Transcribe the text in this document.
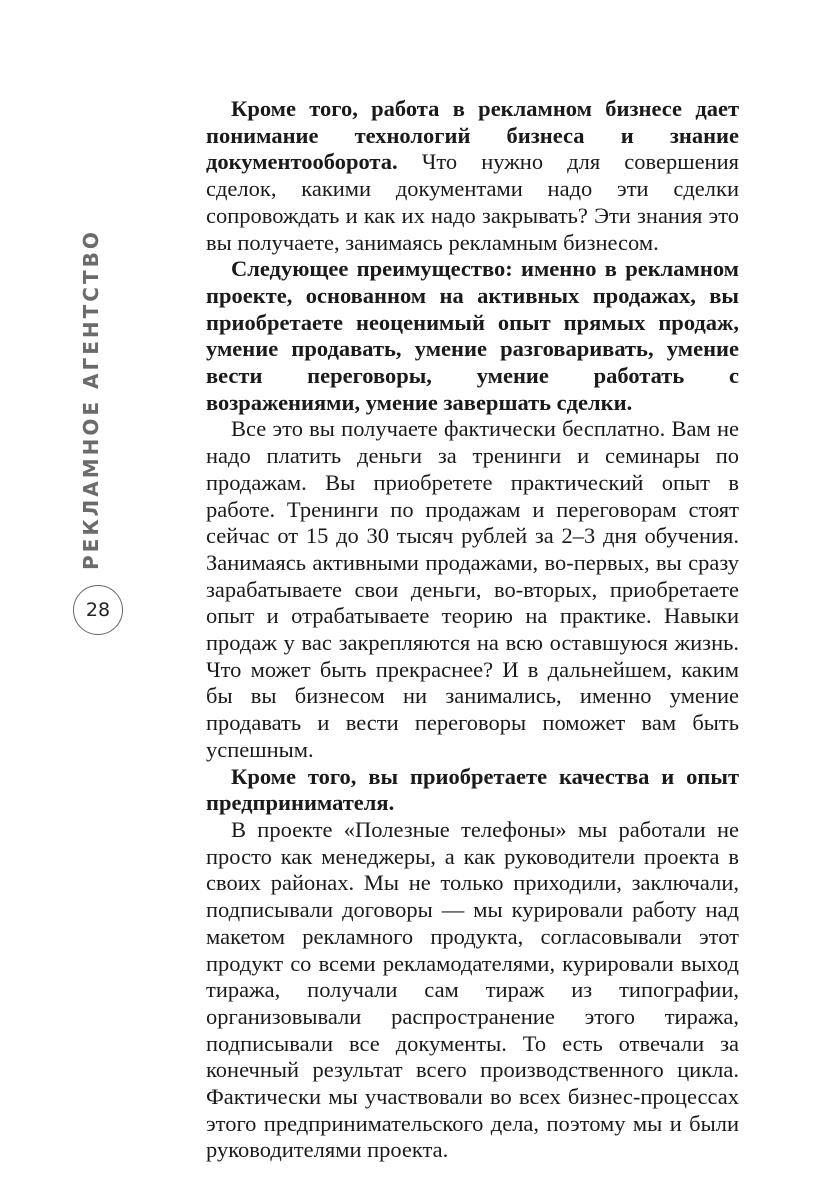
РЕКЛАМНОЕ АГЕНТСТВО
28

Кроме того, работа в рекламном бизнесе дает понимание технологий бизнеса и знание документооборота. Что нужно для совершения сделок, какими документами надо эти сделки сопровождать и как их надо закрывать? Эти знания это вы получаете, занимаясь рекламным бизнесом.

Следующее преимущество: именно в рекламном проекте, основанном на активных продажах, вы приобретаете неоценимый опыт прямых продаж, умение продавать, умение разговаривать, умение вести переговоры, умение работать с возражениями, умение завершать сделки.

Все это вы получаете фактически бесплатно. Вам не надо платить деньги за тренинги и семинары по продажам. Вы приобретете практический опыт в работе. Тренинги по продажам и переговорам стоят сейчас от 15 до 30 тысяч рублей за 2–3 дня обучения. Занимаясь активными продажами, во-первых, вы сразу зарабатываете свои деньги, во-вторых, приобретаете опыт и отрабатываете теорию на практике. Навыки продаж у вас закрепляются на всю оставшуюся жизнь. Что может быть прекраснее? И в дальнейшем, каким бы вы бизнесом ни занимались, именно умение продавать и вести переговоры поможет вам быть успешным.

Кроме того, вы приобретаете качества и опыт предпринимателя.

В проекте «Полезные телефоны» мы работали не просто как менеджеры, а как руководители проекта в своих районах. Мы не только приходили, заключали, подписывали договоры — мы курировали работу над макетом рекламного продукта, согласовывали этот продукт со всеми рекламодателями, курировали выход тиража, получали сам тираж из типографии, организовывали распространение этого тиража, подписывали все документы. То есть отвечали за конечный результат всего производственного цикла. Фактически мы участвовали во всех бизнес-процессах этого предпринимательского дела, поэтому мы и были руководителями проекта.
